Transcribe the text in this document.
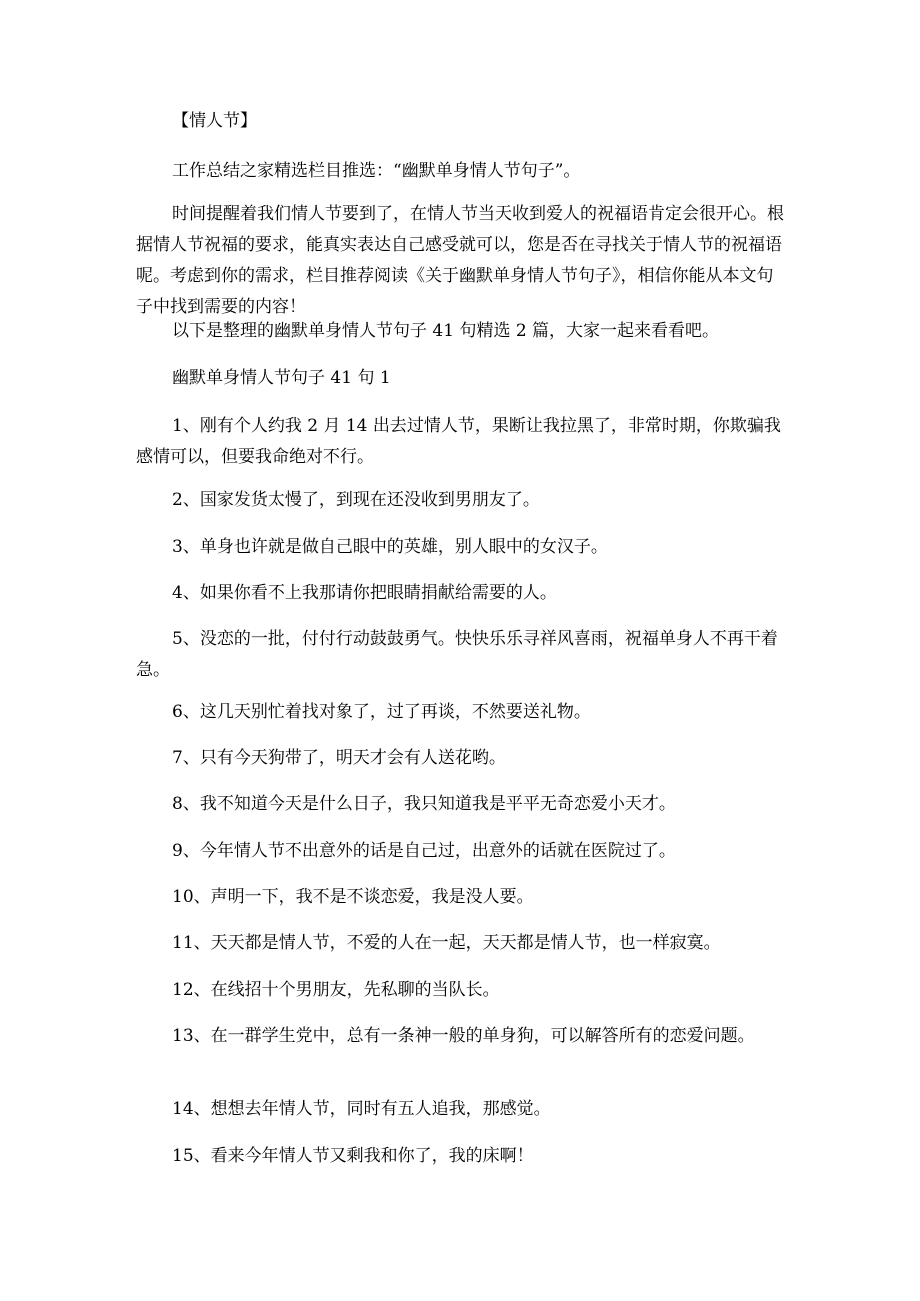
【情人节】

工作总结之家精选栏目推选：“幽默单身情人节句子”。

时间提醒着我们情人节要到了，在情人节当天收到爱人的祝福语肯定会很开心。根据情人节祝福的要求，能真实表达自己感受就可以，您是否在寻找关于情人节的祝福语呢。考虑到你的需求，栏目推荐阅读《关于幽默单身情人节句子》，相信你能从本文句子中找到需要的内容！

以下是整理的幽默单身情人节句子 41 句精选 2 篇，大家一起来看看吧。

幽默单身情人节句子 41 句 1

1、刚有个人约我 2 月 14 出去过情人节，果断让我拉黑了，非常时期，你欺骗我感情可以，但要我命绝对不行。

2、国家发货太慢了，到现在还没收到男朋友了。

3、单身也许就是做自己眼中的英雄，别人眼中的女汉子。

4、如果你看不上我那请你把眼睛捐献给需要的人。

5、没恋的一批，付付行动鼓鼓勇气。快快乐乐寻祥风喜雨，祝福单身人不再干着急。

6、这几天别忙着找对象了，过了再谈，不然要送礼物。

7、只有今天狗带了，明天才会有人送花哟。

8、我不知道今天是什么日子，我只知道我是平平无奇恋爱小天才。

9、今年情人节不出意外的话是自己过，出意外的话就在医院过了。

10、声明一下，我不是不谈恋爱，我是没人要。

11、天天都是情人节，不爱的人在一起，天天都是情人节，也一样寂寞。

12、在线招十个男朋友，先私聊的当队长。

13、在一群学生党中，总有一条神一般的单身狗，可以解答所有的恋爱问题。

14、想想去年情人节，同时有五人追我，那感觉。

15、看来今年情人节又剩我和你了，我的床啊！
